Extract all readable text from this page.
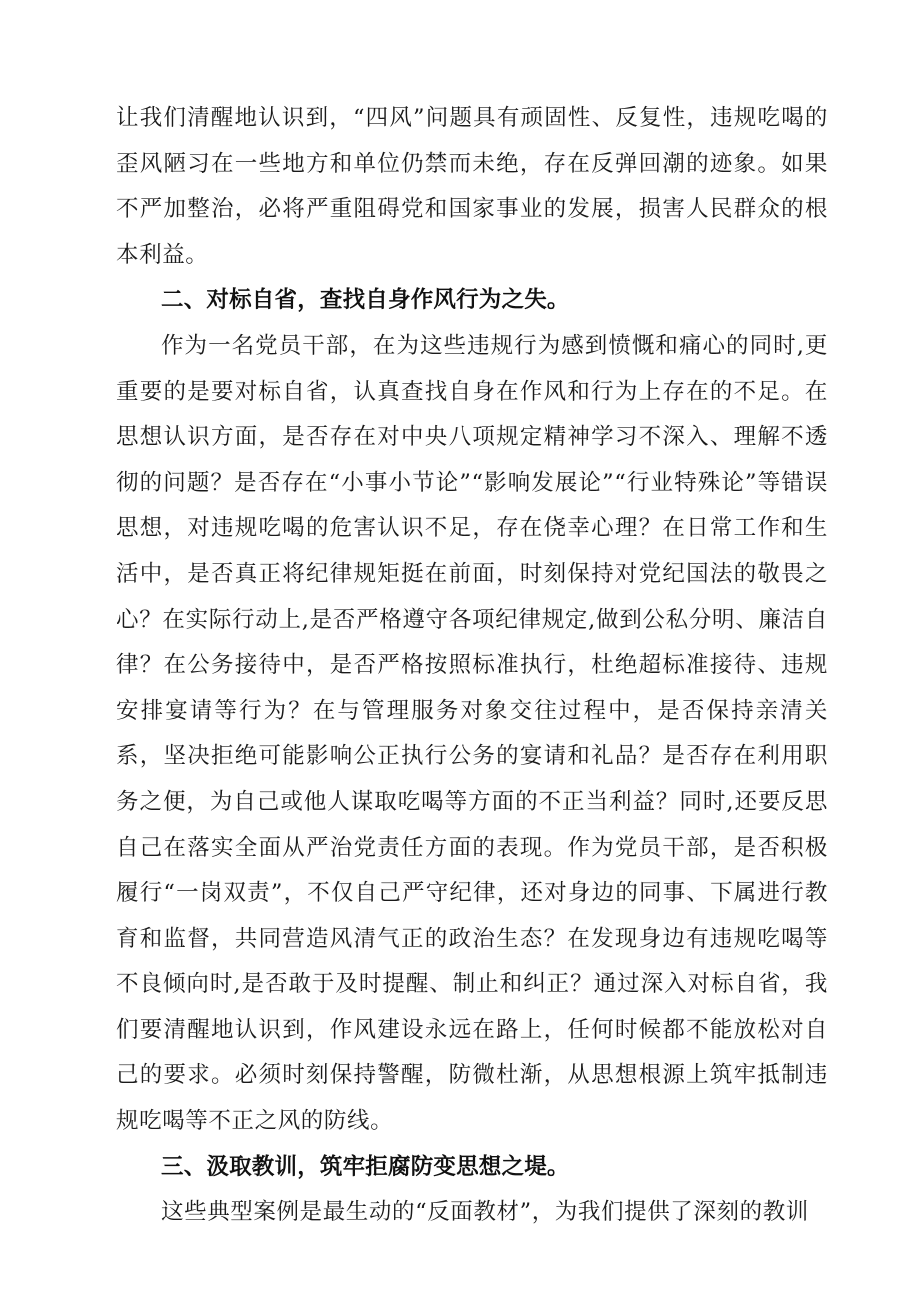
让我们清醒地认识到，“四风”问题具有顽固性、反复性，违规吃喝的歪风陋习在一些地方和单位仍禁而未绝，存在反弹回潮的迹象。如果不严加整治，必将严重阻碍党和国家事业的发展，损害人民群众的根本利益。

二、对标自省，查找自身作风行为之失。

作为一名党员干部，在为这些违规行为感到愤慨和痛心的同时,更重要的是要对标自省，认真查找自身在作风和行为上存在的不足。在思想认识方面，是否存在对中央八项规定精神学习不深入、理解不透彻的问题？是否存在“小事小节论”“影响发展论”“行业特殊论”等错误思想，对违规吃喝的危害认识不足，存在侥幸心理？在日常工作和生活中，是否真正将纪律规矩挺在前面，时刻保持对党纪国法的敬畏之心？在实际行动上,是否严格遵守各项纪律规定,做到公私分明、廉洁自律？在公务接待中，是否严格按照标准执行，杜绝超标准接待、违规安排宴请等行为？在与管理服务对象交往过程中，是否保持亲清关系，坚决拒绝可能影响公正执行公务的宴请和礼品？是否存在利用职务之便，为自己或他人谋取吃喝等方面的不正当利益？同时,还要反思自己在落实全面从严治党责任方面的表现。作为党员干部，是否积极履行“一岗双责”，不仅自己严守纪律，还对身边的同事、下属进行教育和监督，共同营造风清气正的政治生态？在发现身边有违规吃喝等不良倾向时,是否敢于及时提醒、制止和纠正？通过深入对标自省，我们要清醒地认识到，作风建设永远在路上，任何时候都不能放松对自己的要求。必须时刻保持警醒，防微杜渐，从思想根源上筑牢抵制违规吃喝等不正之风的防线。

三、汲取教训，筑牢拒腐防变思想之堤。

这些典型案例是最生动的“反面教材”，为我们提供了深刻的教训
